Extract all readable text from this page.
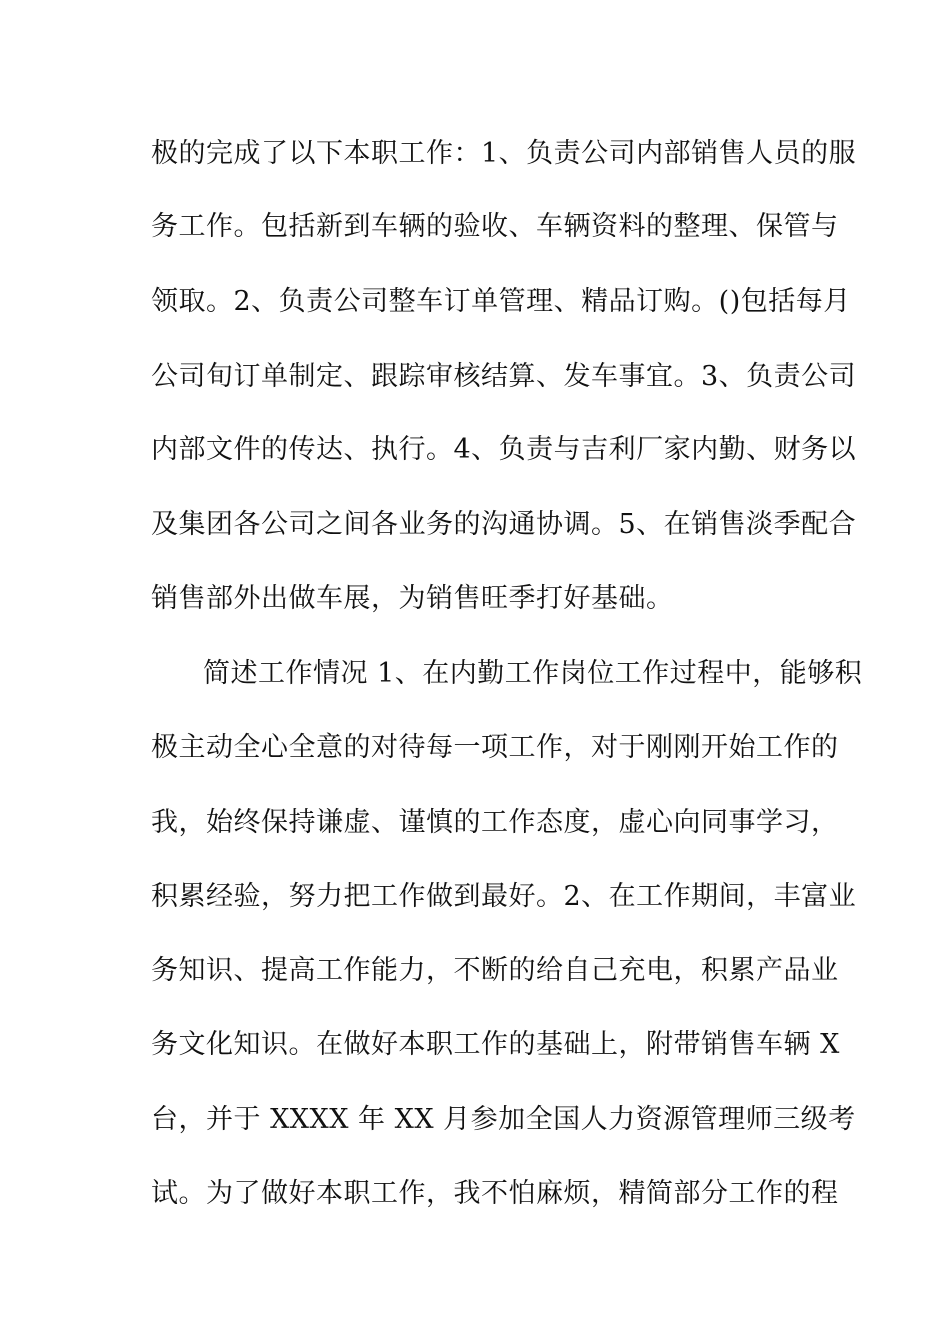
极的完成了以下本职工作：1、负责公司内部销售人员的服
务工作。包括新到车辆的验收、车辆资料的整理、保管与
领取。2、负责公司整车订单管理、精品订购。()包括每月
公司旬订单制定、跟踪审核结算、发车事宜。3、负责公司
内部文件的传达、执行。4、负责与吉利厂家内勤、财务以
及集团各公司之间各业务的沟通协调。5、在销售淡季配合
销售部外出做车展，为销售旺季打好基础。
简述工作情况 1、在内勤工作岗位工作过程中，能够积
极主动全心全意的对待每一项工作，对于刚刚开始工作的
我，始终保持谦虚、谨慎的工作态度，虚心向同事学习，
积累经验，努力把工作做到最好。2、在工作期间，丰富业
务知识、提高工作能力，不断的给自己充电，积累产品业
务文化知识。在做好本职工作的基础上，附带销售车辆 X
台，并于 XXXX 年 XX 月参加全国人力资源管理师三级考
试。为了做好本职工作，我不怕麻烦，精简部分工作的程
